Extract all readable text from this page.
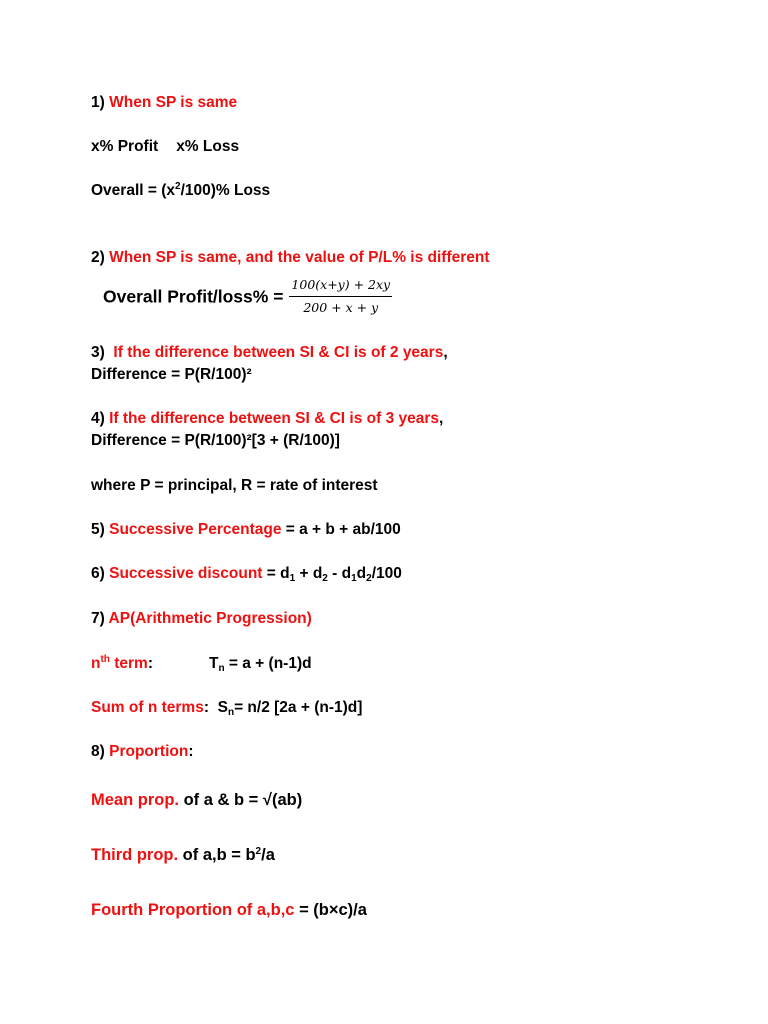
1) When SP is same
x% Profit x% Loss
Overall = $(x^2/100)\%$ Loss
2) When SP is same, and the value of P/L% is different
Overall Profit/loss% = $\frac{100(x+y) + 2xy}{200 + x + y}$
3) If the difference between SI & CI is of 2 years,
Difference = P(R/100)²
4) If the difference between SI & CI is of 3 years,
Difference = P(R/100)²[3 + (R/100)]
where P = principal, R = rate of interest
5) Successive Percentage = a + b + ab/100
6) Successive discount = $d_1 + d_2 - d_1d_2/100$
7) AP(Arithmetic Progression)
$n^{th}$ term:	$T_n = a + (n-1)d$
Sum of n terms: $S_n= n/2$ [2a + (n-1)d]
8) Proportion:
Mean prop. of a & b = √(ab)
Third prop. of $a,b = b^2/a$
Fourth Proportion of a,b,c = (b×c)/a
